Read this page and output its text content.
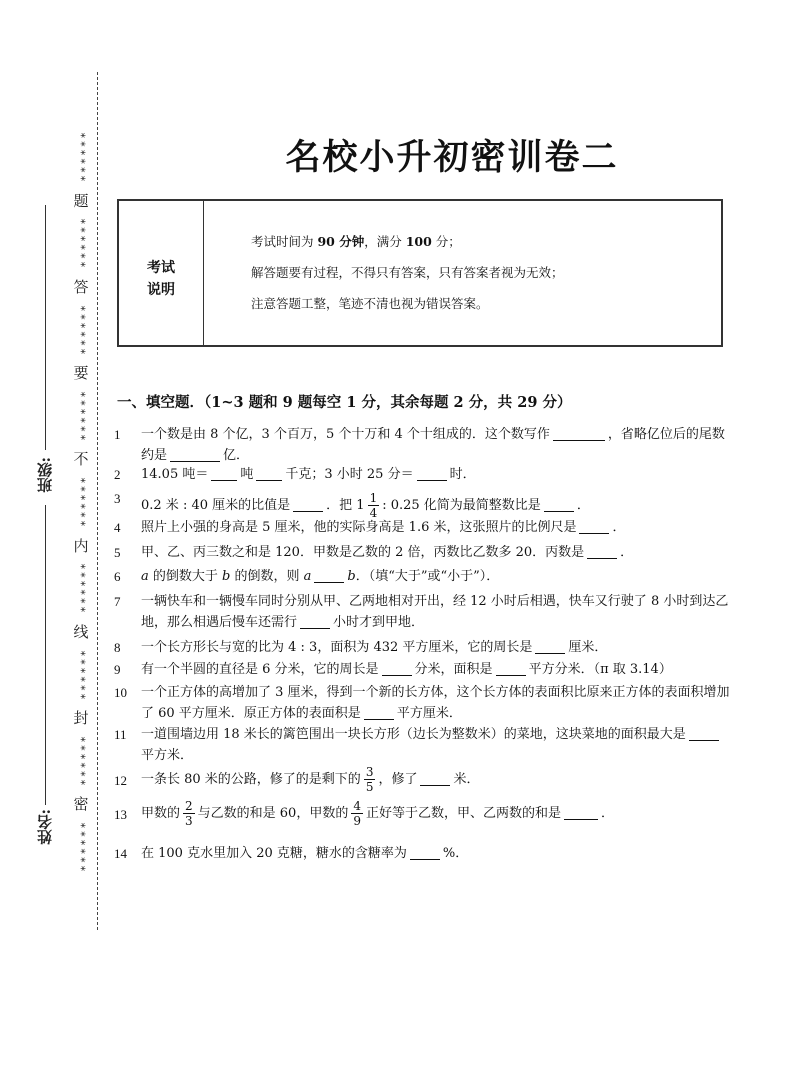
******
题
******
答
******
要
******
不
******
内
******
线
******
封
******
密
******
班级:
姓名:
名校小升初密训卷二
考试
说明
考试时间为 90 分钟，满分 100 分；
解答题要有过程，不得只有答案，只有答案者视为无效；
注意答题工整，笔迹不清也视为错误答案。
一、填空题．（1~3 题和 9 题每空 1 分，其余每题 2 分，共 29 分）
1 一个数是由 8 个亿，3 个百万，5 个十万和 4 个十组成的．这个数写作	，省略亿位后的尾数约是	亿．
2 14.05 吨＝ 吨 千克；3 小时 25 分＝	时．
3 0.2 米 : 40 厘米的比值是	．把 $1 \frac{1}{4}$ : 0.25 化简为最简整数比是	．
4 照片上小强的身高是 5 厘米，他的实际身高是 1.6 米，这张照片的比例尺是	．
5 甲、乙、丙三数之和是 120．甲数是乙数的 2 倍，丙数比乙数多 20．丙数是	．
6 a 的倒数大于 b 的倒数，则 a	b．（填“大于”或“小于”）．
7 一辆快车和一辆慢车同时分别从甲、乙两地相对开出，经 12 小时后相遇，快车又行驶了 8 小时到达乙地，那么相遇后慢车还需行	小时才到甲地．
8 一个长方形长与宽的比为 4 : 3，面积为 432 平方厘米，它的周长是	厘米．
9 有一个半圆的直径是 6 分米，它的周长是	分米，面积是	平方分米．（π 取 3.14）
10 一个正方体的高增加了 3 厘米，得到一个新的长方体，这个长方体的表面积比原来正方体的表面积增加了 60 平方厘米．原正方体的表面积是	平方厘米．
11 一道围墙边用 18 米长的篱笆围出一块长方形（边长为整数米）的菜地，这块菜地的面积最大是平方米．
12 一条长 80 米的公路，修了的是剩下的 $\frac{3}{5}$ ，修了	米．
13 甲数的 $\frac{2}{3}$ 与乙数的和是 60，甲数的 $\frac{4}{9}$ 正好等于乙数，甲、乙两数的和是	．
14 在 100 克水里加入 20 克糖，糖水的含糖率为	%．
